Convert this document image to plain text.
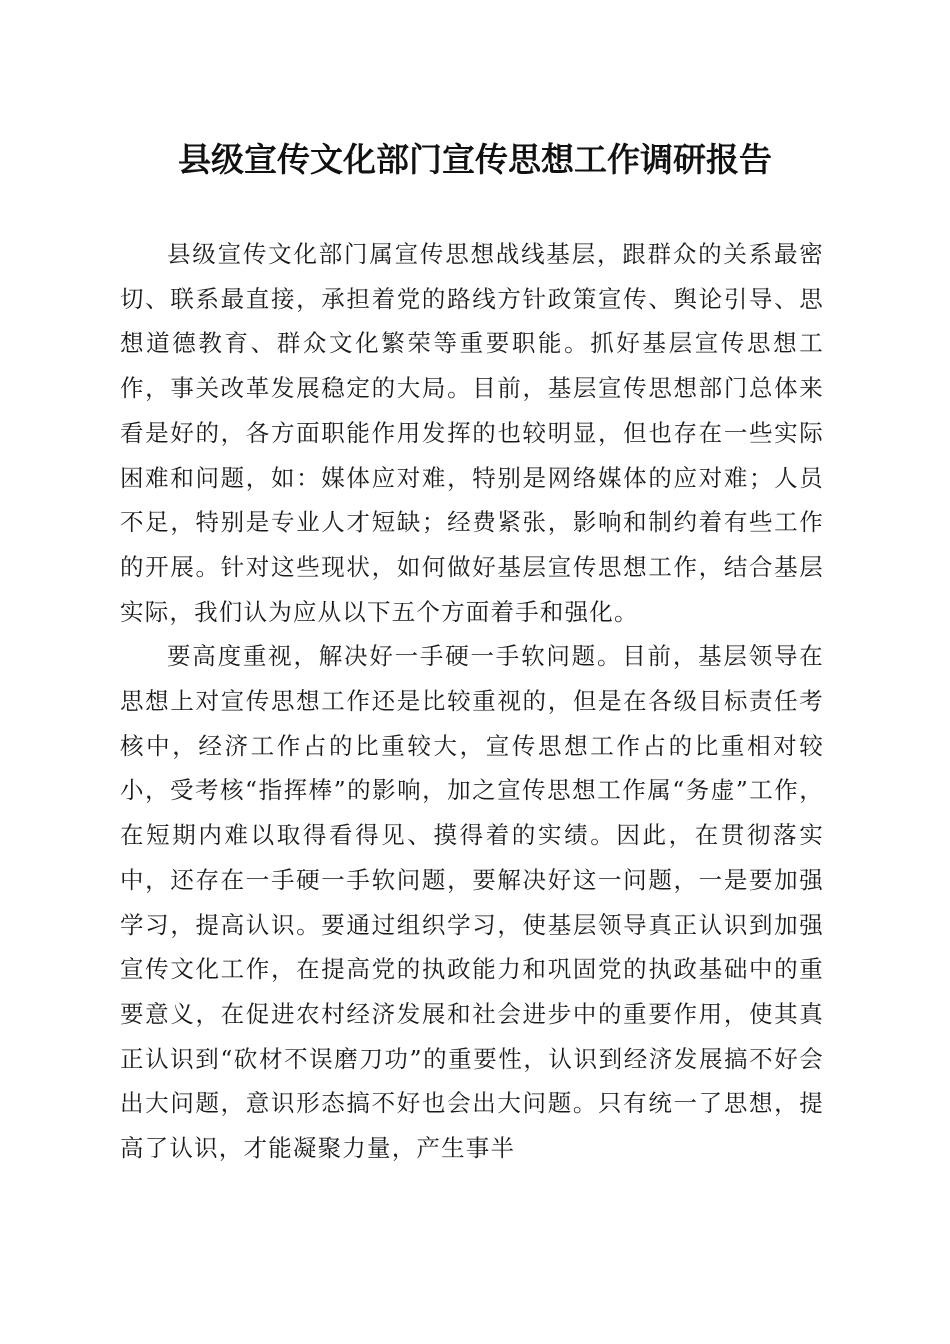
县级宣传文化部门宣传思想工作调研报告

县级宣传文化部门属宣传思想战线基层，跟群众的关系最密切、联系最直接，承担着党的路线方针政策宣传、舆论引导、思想道德教育、群众文化繁荣等重要职能。抓好基层宣传思想工作，事关改革发展稳定的大局。目前，基层宣传思想部门总体来看是好的，各方面职能作用发挥的也较明显，但也存在一些实际困难和问题，如：媒体应对难，特别是网络媒体的应对难；人员不足，特别是专业人才短缺；经费紧张，影响和制约着有些工作的开展。针对这些现状，如何做好基层宣传思想工作，结合基层实际，我们认为应从以下五个方面着手和强化。

要高度重视，解决好一手硬一手软问题。目前，基层领导在思想上对宣传思想工作还是比较重视的，但是在各级目标责任考核中，经济工作占的比重较大，宣传思想工作占的比重相对较小，受考核“指挥棒”的影响，加之宣传思想工作属“务虚”工作，在短期内难以取得看得见、摸得着的实绩。因此，在贯彻落实中，还存在一手硬一手软问题，要解决好这一问题，一是要加强学习，提高认识。要通过组织学习，使基层领导真正认识到加强宣传文化工作，在提高党的执政能力和巩固党的执政基础中的重要意义，在促进农村经济发展和社会进步中的重要作用，使其真正认识到“砍材不误磨刀功”的重要性，认识到经济发展搞不好会出大问题，意识形态搞不好也会出大问题。只有统一了思想，提高了认识，才能凝聚力量，产生事半
